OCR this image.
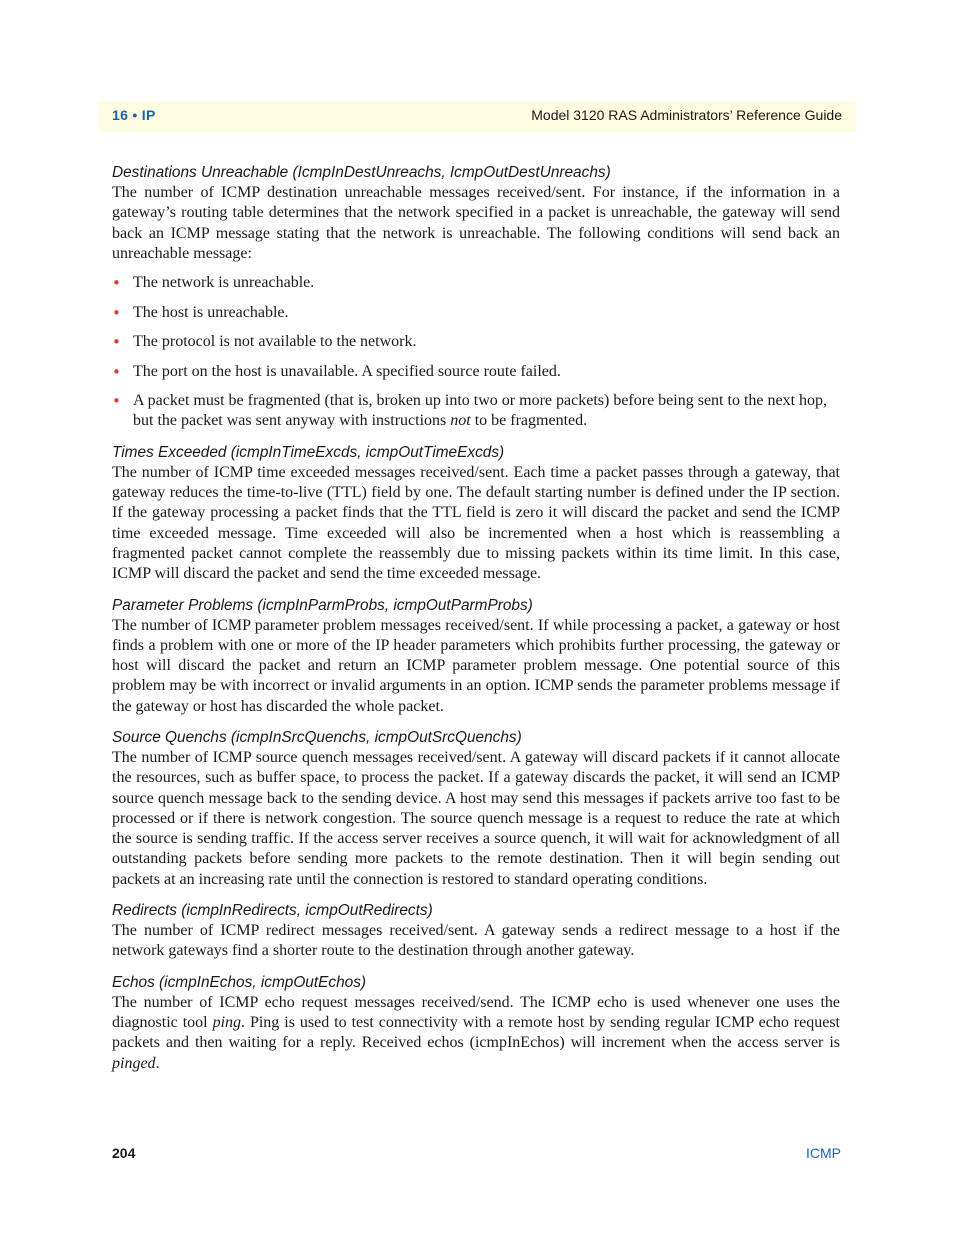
16 • IP	Model 3120 RAS Administrators’ Reference Guide
Destinations Unreachable (IcmpInDestUnreachs, IcmpOutDestUnreachs)

The number of ICMP destination unreachable messages received/sent. For instance, if the information in a gateway’s routing table determines that the network specified in a packet is unreachable, the gateway will send back an ICMP message stating that the network is unreachable. The following conditions will send back an unreachable message:

• The network is unreachable.
• The host is unreachable.
• The protocol is not available to the network.
• The port on the host is unavailable. A specified source route failed.
• A packet must be fragmented (that is, broken up into two or more packets) before being sent to the next hop, but the packet was sent anyway with instructions not to be fragmented.
Times Exceeded (icmpInTimeExcds, icmpOutTimeExcds)

The number of ICMP time exceeded messages received/sent. Each time a packet passes through a gateway, that gateway reduces the time-to-live (TTL) field by one. The default starting number is defined under the IP section. If the gateway processing a packet finds that the TTL field is zero it will discard the packet and send the ICMP time exceeded message. Time exceeded will also be incremented when a host which is reassembling a fragmented packet cannot complete the reassembly due to missing packets within its time limit. In this case, ICMP will discard the packet and send the time exceeded message.

Parameter Problems (icmpInParmProbs, icmpOutParmProbs)

The number of ICMP parameter problem messages received/sent. If while processing a packet, a gateway or host finds a problem with one or more of the IP header parameters which prohibits further processing, the gateway or host will discard the packet and return an ICMP parameter problem message. One potential source of this problem may be with incorrect or invalid arguments in an option. ICMP sends the parameter problems message if the gateway or host has discarded the whole packet.

Source Quenchs (icmpInSrcQuenchs, icmpOutSrcQuenchs)

The number of ICMP source quench messages received/sent. A gateway will discard packets if it cannot allocate the resources, such as buffer space, to process the packet. If a gateway discards the packet, it will send an ICMP source quench message back to the sending device. A host may send this messages if packets arrive too fast to be processed or if there is network congestion. The source quench message is a request to reduce the rate at which the source is sending traffic. If the access server receives a source quench, it will wait for acknowledgment of all outstanding packets before sending more packets to the remote destination. Then it will begin sending out packets at an increasing rate until the connection is restored to standard operating conditions.

Redirects (icmpInRedirects, icmpOutRedirects)

The number of ICMP redirect messages received/sent. A gateway sends a redirect message to a host if the network gateways find a shorter route to the destination through another gateway.

Echos (icmpInEchos, icmpOutEchos)

The number of ICMP echo request messages received/send. The ICMP echo is used whenever one uses the diagnostic tool ping. Ping is used to test connectivity with a remote host by sending regular ICMP echo request packets and then waiting for a reply. Received echos (icmpInEchos) will increment when the access server is pinged.

204	ICMP
